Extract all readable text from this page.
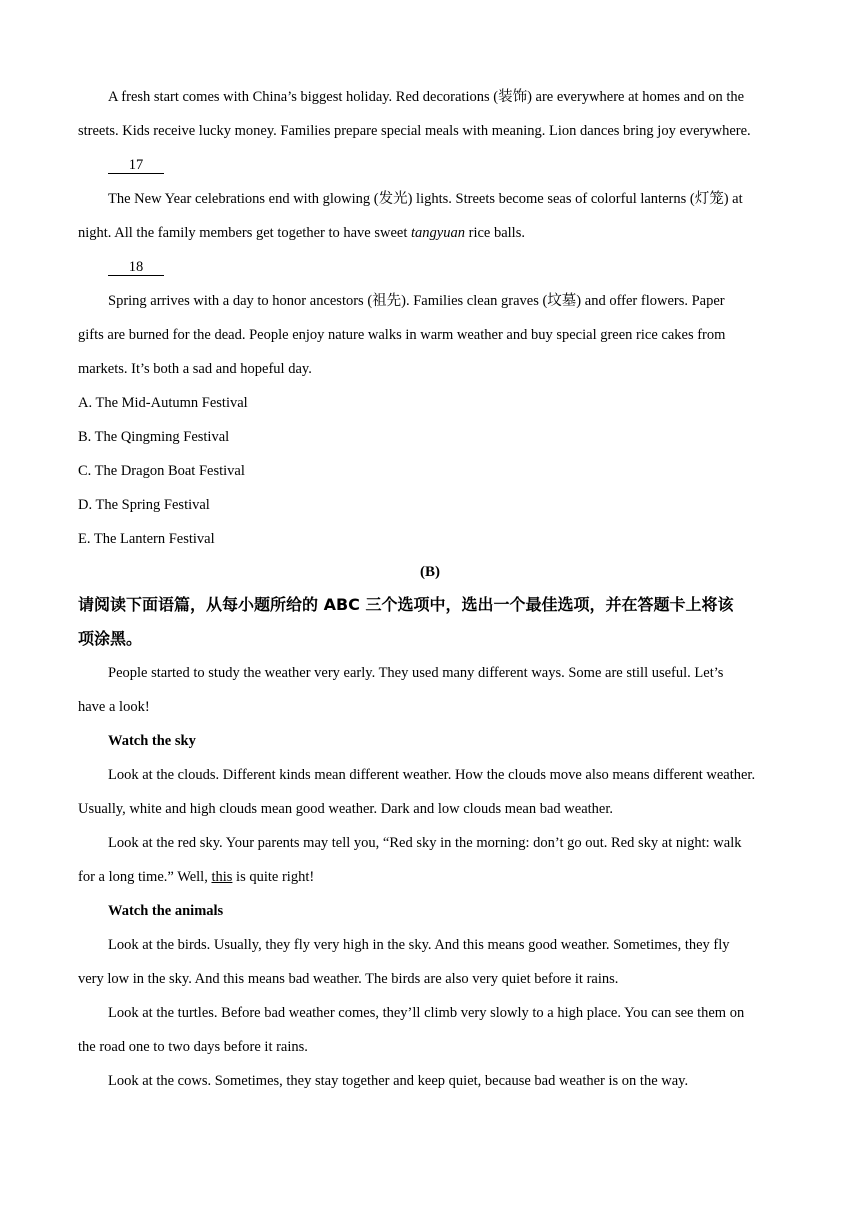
A fresh start comes with China’s biggest holiday. Red decorations (装饰) are everywhere at homes and on the
streets. Kids receive lucky money. Families prepare special meals with meaning. Lion dances bring joy everywhere.
17
The New Year celebrations end with glowing (发光) lights. Streets become seas of colorful lanterns (灯笼) at
night. All the family members get together to have sweet tangyuan rice balls.
18
Spring arrives with a day to honor ancestors (祖先). Families clean graves (坟墓) and offer flowers. Paper
gifts are burned for the dead. People enjoy nature walks in warm weather and buy special green rice cakes from
markets. It’s both a sad and hopeful day.
A. The Mid-Autumn Festival
B. The Qingming Festival
C. The Dragon Boat Festival
D. The Spring Festival
E. The Lantern Festival
(B)
请阅读下面语篇，从每小题所给的 ABC 三个选项中，选出一个最佳选项，并在答题卡上将该
项涂黑。
People started to study the weather very early. They used many different ways. Some are still useful. Let’s
have a look!
Watch the sky
Look at the clouds. Different kinds mean different weather. How the clouds move also means different weather.
Usually, white and high clouds mean good weather. Dark and low clouds mean bad weather.
Look at the red sky. Your parents may tell you, “Red sky in the morning: don’t go out. Red sky at night: walk
for a long time.” Well, this is quite right!
Watch the animals
Look at the birds. Usually, they fly very high in the sky. And this means good weather. Sometimes, they fly
very low in the sky. And this means bad weather. The birds are also very quiet before it rains.
Look at the turtles. Before bad weather comes, they’ll climb very slowly to a high place. You can see them on
the road one to two days before it rains.
Look at the cows. Sometimes, they stay together and keep quiet, because bad weather is on the way.
